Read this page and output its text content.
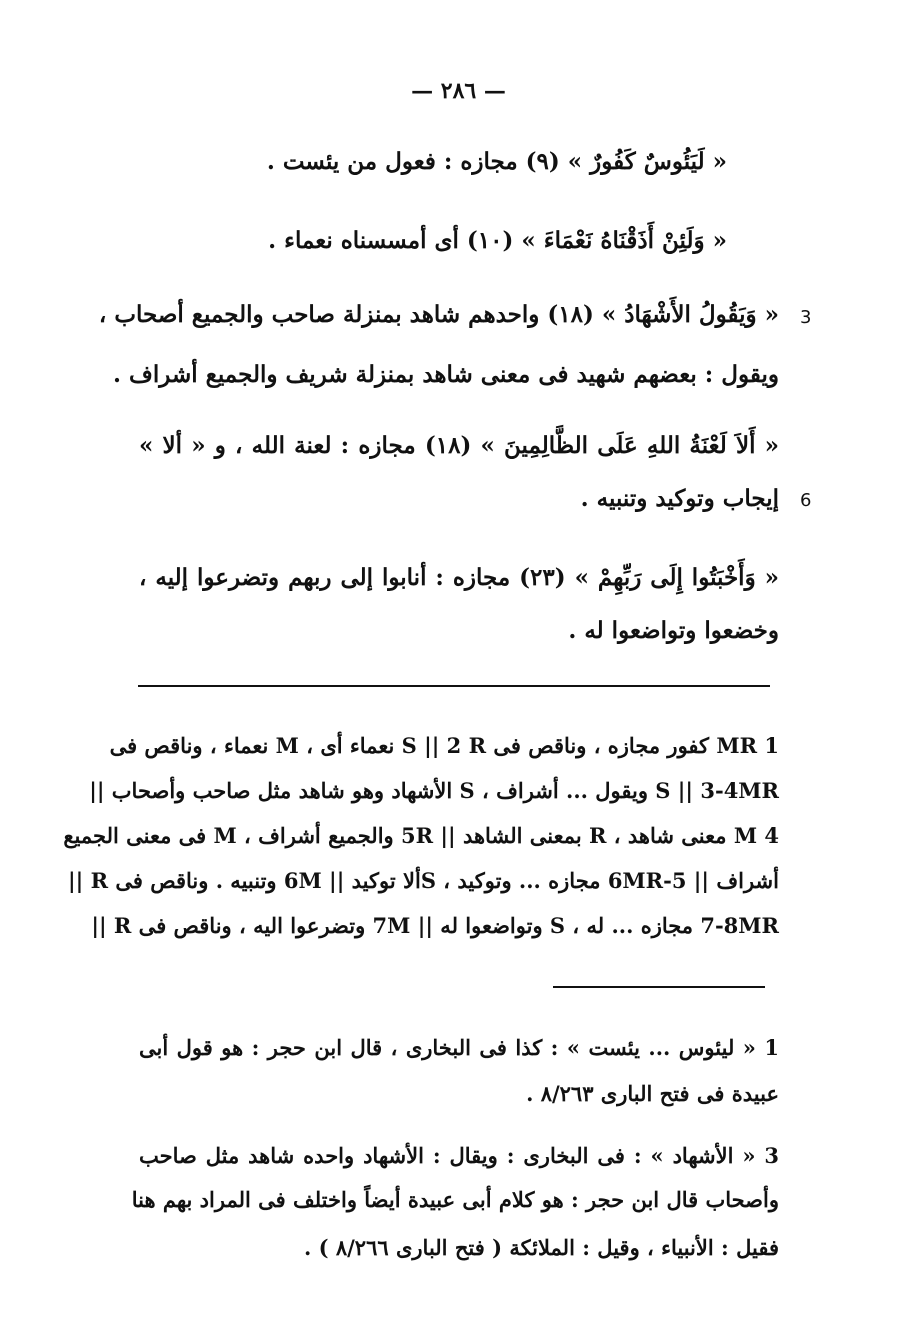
— ٢٨٦ —
« لَيَئُوسٌ كَفُورٌ » (٩) مجازه : فعول من يئست .
« وَلَئِنْ أَذَقْنَاهُ نَعْمَاءَ » (١٠) أى أمسسناه نعماء .
« وَيَقُولُ الأَشْهَادُ » (١٨) واحدهم شاهد بمنزلة صاحب والجميع أصحاب ، 3
ويقول : بعضهم شهيد فى معنى شاهد بمنزلة شريف والجميع أشراف .
« أَلاَ لَعْنَةُ اللهِ عَلَى الظَّالِمِينَ » (١٨) مجازه : لعنة الله ، و « ألا »
إيجاب وتوكيد وتنبيه . 6
« وَأَخْبَتُوا إِلَى رَبِّهِمْ » (٢٣) مجازه : أنابوا إلى ربهم وتضرعوا إليه ،
وخضعوا وتواضعوا له .
1 MR كفور مجازه ، وناقص فى S || 2 R نعماء أى ، M نعماء ، وناقص فى
S || 3-4MR ويقول ... أشراف ، S الأشهاد وهو شاهد مثل صاحب وأصحاب ||
4 M معنى شاهد ، R بمعنى الشاهد || 5R والجميع أشراف ، M فى معنى الجميع
أشراف || 5-6MR مجازه ... وتوكيد ، Sألا توكيد || 6M وتنبيه . وناقص فى R ||
7-8MR مجازه ... له ، S وتواضعوا له || 7M وتضرعوا اليه ، وناقص فى R ||
1 « ليئوس ... يئست » : كذا فى البخارى ، قال ابن حجر : هو قول أبى
عبيدة فى فتح البارى ٨/٢٦٣ .
3 « الأشهاد » : فى البخارى : ويقال : الأشهاد واحده شاهد مثل صاحب
وأصحاب قال ابن حجر : هو كلام أبى عبيدة أيضاً واختلف فى المراد بهم هنا
فقيل : الأنبياء ، وقيل : الملائكة ( فتح البارى ٨/٢٦٦ ) .
